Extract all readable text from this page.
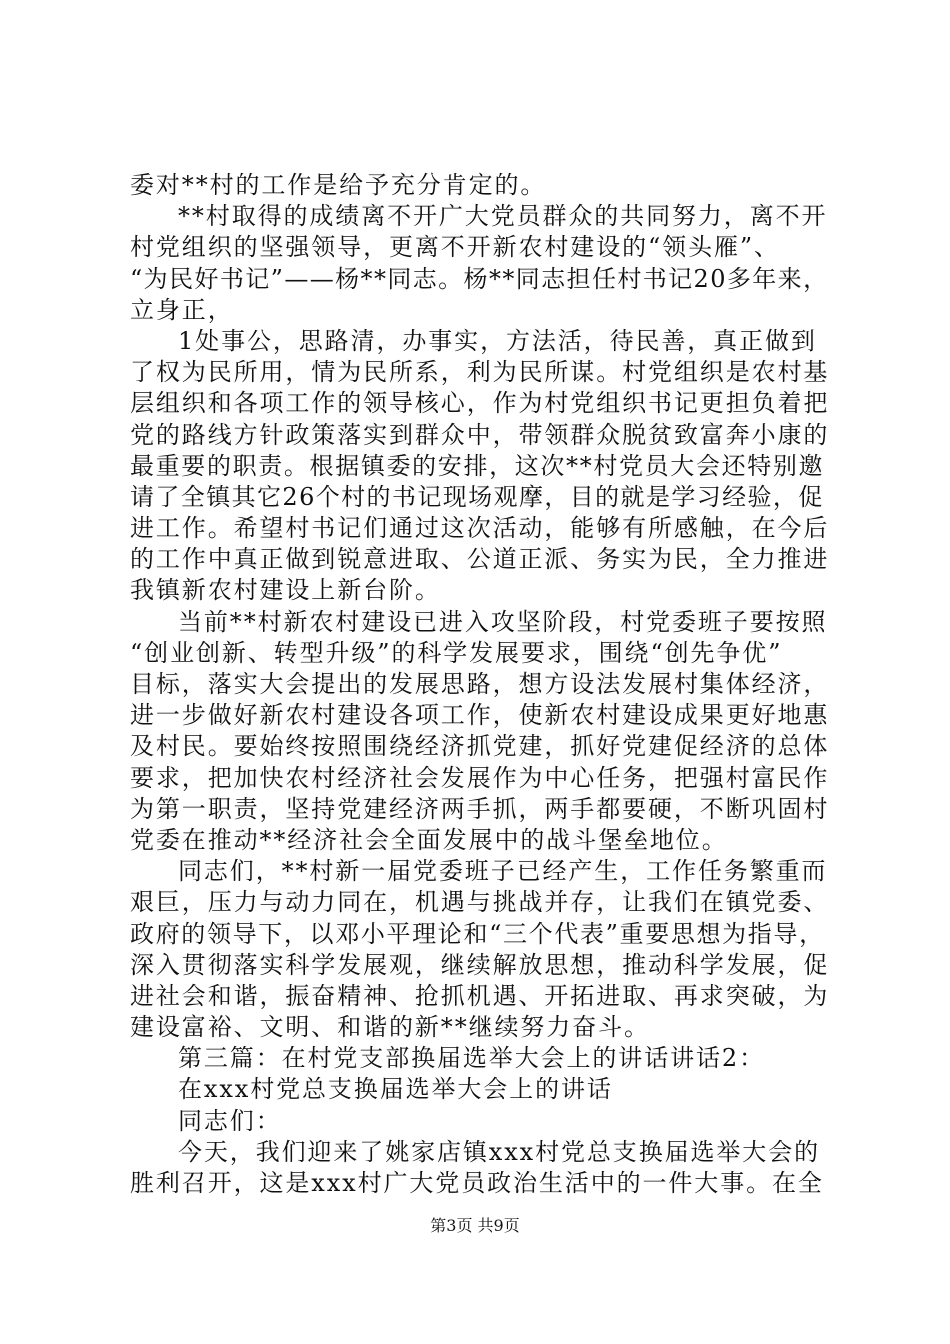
委对**村的工作是给予充分肯定的。
**村取得的成绩离不开广大党员群众的共同努力，离不开
村党组织的坚强领导，更离不开新农村建设的“领头雁”、
“为民好书记”——杨**同志。杨**同志担任村书记20多年来，
立身正，
1处事公，思路清，办事实，方法活，待民善，真正做到
了权为民所用，情为民所系，利为民所谋。村党组织是农村基
层组织和各项工作的领导核心，作为村党组织书记更担负着把
党的路线方针政策落实到群众中，带领群众脱贫致富奔小康的
最重要的职责。根据镇委的安排，这次**村党员大会还特别邀
请了全镇其它26个村的书记现场观摩，目的就是学习经验，促
进工作。希望村书记们通过这次活动，能够有所感触，在今后
的工作中真正做到锐意进取、公道正派、务实为民，全力推进
我镇新农村建设上新台阶。
当前**村新农村建设已进入攻坚阶段，村党委班子要按照
“创业创新、转型升级”的科学发展要求，围绕“创先争优”
目标，落实大会提出的发展思路，想方设法发展村集体经济，
进一步做好新农村建设各项工作，使新农村建设成果更好地惠
及村民。要始终按照围绕经济抓党建，抓好党建促经济的总体
要求，把加快农村经济社会发展作为中心任务，把强村富民作
为第一职责，坚持党建经济两手抓，两手都要硬，不断巩固村
党委在推动**经济社会全面发展中的战斗堡垒地位。
同志们，**村新一届党委班子已经产生，工作任务繁重而
艰巨，压力与动力同在，机遇与挑战并存，让我们在镇党委、
政府的领导下，以邓小平理论和“三个代表”重要思想为指导，
深入贯彻落实科学发展观，继续解放思想，推动科学发展，促
进社会和谐，振奋精神、抢抓机遇、开拓进取、再求突破，为
建设富裕、文明、和谐的新**继续努力奋斗。
第三篇：在村党支部换届选举大会上的讲话讲话2：
在xxx村党总支换届选举大会上的讲话
同志们：
今天，我们迎来了姚家店镇xxx村党总支换届选举大会的
胜利召开，这是xxx村广大党员政治生活中的一件大事。在全
第3页 共9页
